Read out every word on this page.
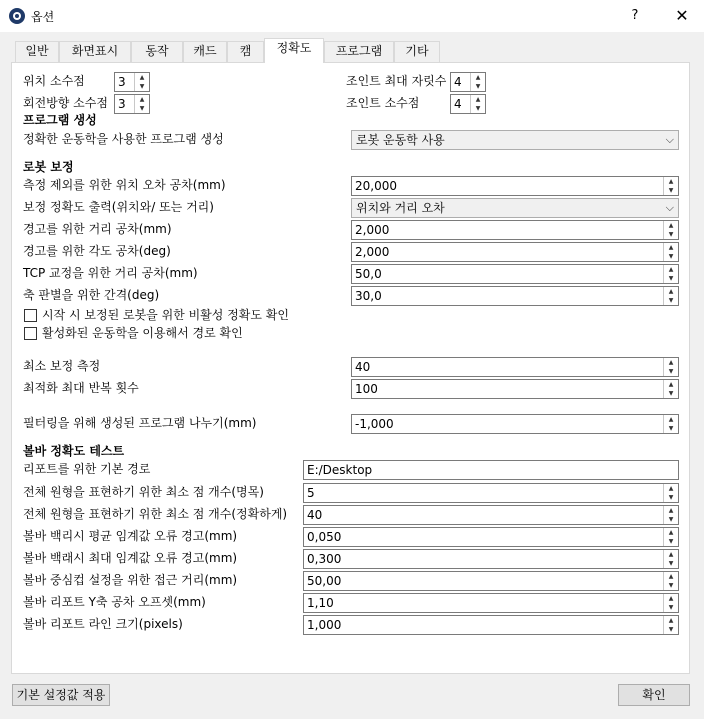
옵션	?	✕
일반	화면표시	동작	캐드	캠	정확도	프로그램	기타
위치 소수점	3	▲
▼
회전방향 소수점 3	▲
▼
조인트 최대 자릿수 4	▲
▼
조인트 소수점	4	▲
▼
프로그램 생성
정확한 운동학을 사용한 프로그램 생성	로봇 운동학 사용	⌵
로봇 보정
측정 제외를 위한 위치 오차 공차(mm)	20,000	▲
▼
보정 정확도 출력(위치와/ 또는 거리)	위치와 거리 오차	⌵
경고를 위한 거리 공차(mm)	2,000	▲
▼
경고를 위한 각도 공차(deg)	2,000	▲
▼
TCP 교정을 위한 거리 공차(mm)	50,0	▲
▼
축 판별을 위한 간격(deg)	30,0	▲
▼
시작 시 보정된 로봇을 위한 비활성 정확도 확인
활성화된 운동학을 이용해서 경로 확인
최소 보정 측정	40	▲
▼
최적화 최대 반복 횟수	100	▲
▼
필터링을 위해 생성된 프로그램 나누기(mm)	-1,000	▲
▼
볼바 정확도 테스트
리포트를 위한 기본 경로	E:/Desktop
전체 원형을 표현하기 위한 최소 점 개수(명목)	5	▲
▼
전체 원형을 표현하기 위한 최소 점 개수(정확하게) 40	▲
▼
볼바 백리시 평균 임계값 오류 경고(mm)	0,050	▲
▼
볼바 백래시 최대 임계값 오류 경고(mm)	0,300	▲
▼
볼바 중심컵 설정을 위한 접근 거리(mm)	50,00	▲
▼
볼바 리포트 Y축 공차 오프셋(mm)	1,10	▲
▼
볼바 리포트 라인 크기(pixels)	1,000	▲
▼
기본 설정값 적용	확인
